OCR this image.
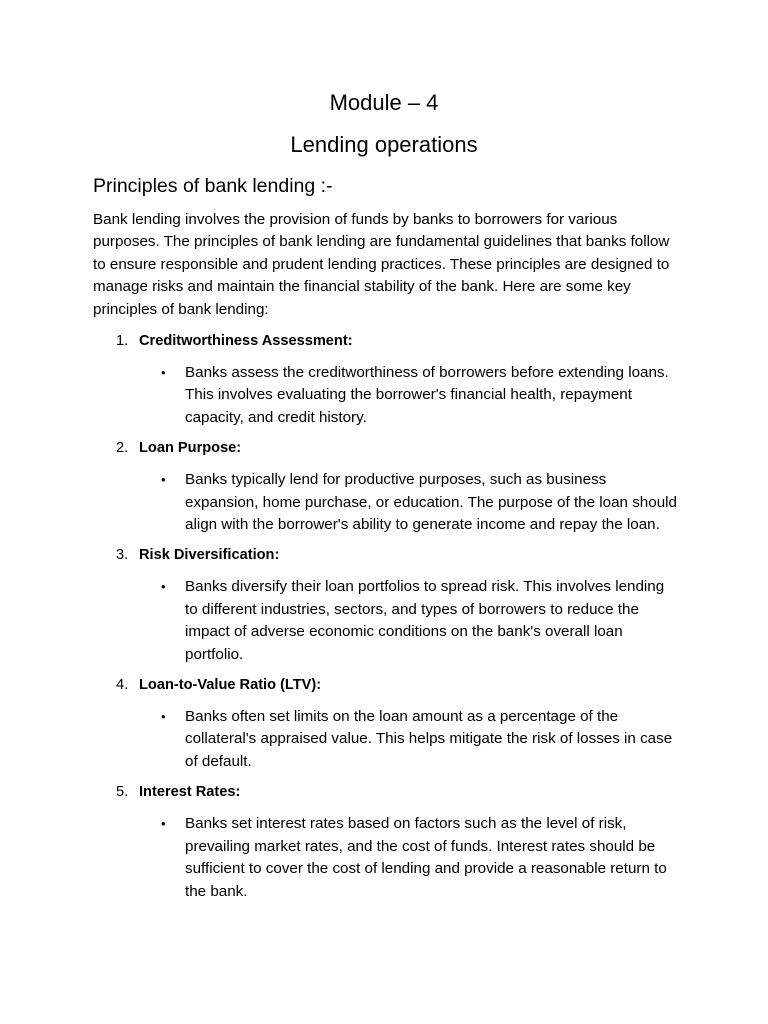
Module – 4
Lending operations
Principles of bank lending :-

Bank lending involves the provision of funds by banks to borrowers for various purposes. The principles of bank lending are fundamental guidelines that banks follow to ensure responsible and prudent lending practices. These principles are designed to manage risks and maintain the financial stability of the bank. Here are some key principles of bank lending:

1. Creditworthiness Assessment:
•	Banks assess the creditworthiness of borrowers before extending loans. This involves evaluating the borrower's financial health, repayment capacity, and credit history.
2. Loan Purpose:
•	Banks typically lend for productive purposes, such as business expansion, home purchase, or education. The purpose of the loan should align with the borrower's ability to generate income and repay the loan.
3. Risk Diversification:
•	Banks diversify their loan portfolios to spread risk. This involves lending to different industries, sectors, and types of borrowers to reduce the impact of adverse economic conditions on the bank's overall loan portfolio.
4. Loan-to-Value Ratio (LTV):
•	Banks often set limits on the loan amount as a percentage of the collateral's appraised value. This helps mitigate the risk of losses in case of default.
5. Interest Rates:
•	Banks set interest rates based on factors such as the level of risk, prevailing market rates, and the cost of funds. Interest rates should be sufficient to cover the cost of lending and provide a reasonable return to the bank.
